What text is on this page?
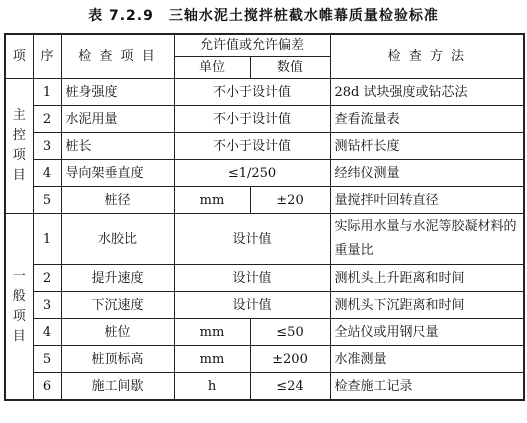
表 7.2.9　三轴水泥土搅拌桩截水帷幕质量检验标准
项	序	检 查 项 目	允许值或允许偏差		检 查 方 法
			单位	数值	

主
控
项
目	1	桩身强度	不小于设计值		28d 试块强度或钻芯法
	2	水泥用量	不小于设计值		查看流量表
	3	桩长	不小于设计值		测钻杆长度
	4	导向架垂直度	≤1/250		经纬仪测量
	5	桩径	mm	±20	量搅拌叶回转直径

一
般
项
目	1	水胶比	设计值		实际用水量与水泥等胶凝材料的重量比
	2	提升速度	设计值		测机头上升距离和时间
	3	下沉速度	设计值		测机头下沉距离和时间
	4	桩位	mm	≤50	全站仪或用钢尺量
	5	桩顶标高	mm	±200	水准测量
	6	施工间歇	h	≤24	检查施工记录
